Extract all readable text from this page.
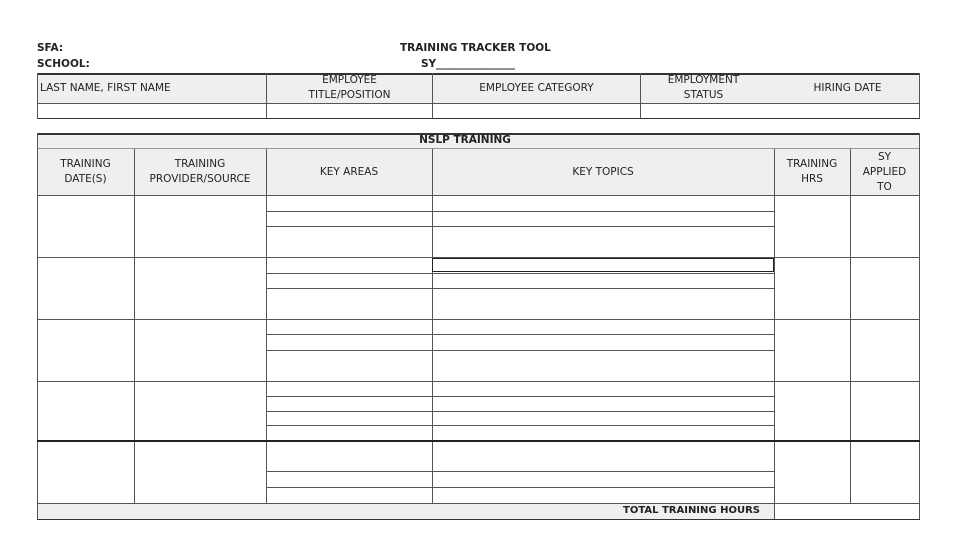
SFA:
SCHOOL:
TRAINING TRACKER TOOL
SY_______________
LAST NAME, FIRST NAME
EMPLOYEE
TITLE/POSITION
EMPLOYEE CATEGORY
EMPLOYMENT
STATUS
HIRING DATE
NSLP TRAINING
TRAINING
DATE(S)
TRAINING
PROVIDER/SOURCE
KEY AREAS	KEY TOPICS
TRAINING
HRS
SY
APPLIED
TO
TOTAL TRAINING HOURS
